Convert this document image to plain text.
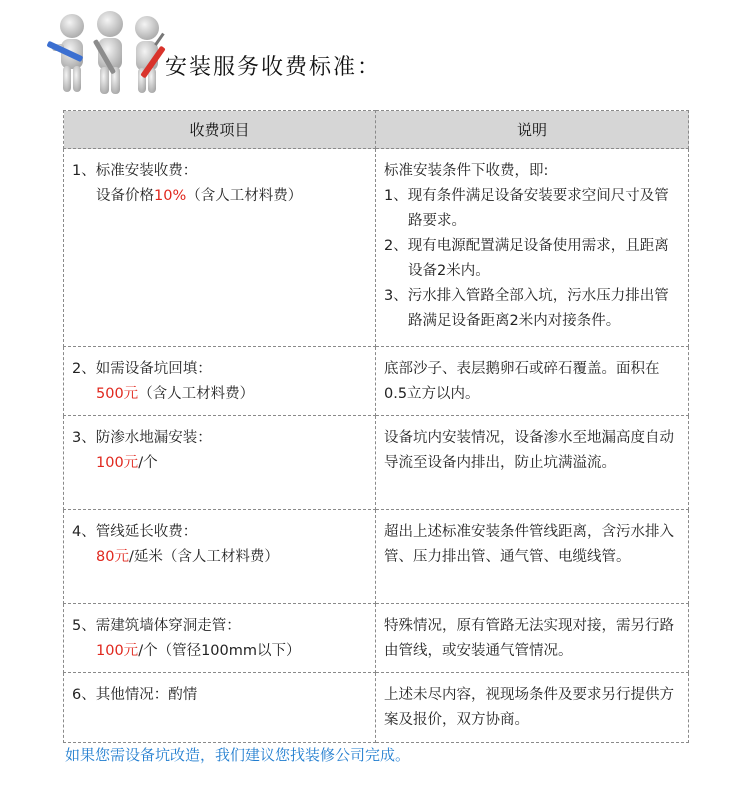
安装服务收费标准：
收费项目	说明

1、标准安装收费：
设备价格10%（含人工材料费）	标准安装条件下收费，即:
1、现有条件满足设备安装要求空间尺寸及管路要求。
2、现有电源配置满足设备使用需求，且距离设备2米内。
3、污水排入管路全部入坑，污水压力排出管路满足设备距离2米内对接条件。

2、如需设备坑回填：
500元（含人工材料费）	底部沙子、表层鹅卵石或碎石覆盖。面积在0.5立方以内。

3、防渗水地漏安装：
100元/个	设备坑内安装情况，设备渗水至地漏高度自动导流至设备内排出，防止坑满溢流。

4、管线延长收费：
80元/延米（含人工材料费）	超出上述标准安装条件管线距离，含污水排入管、压力排出管、通气管、电缆线管。

5、需建筑墙体穿洞走管：
100元/个（管径100mm以下）	特殊情况，原有管路无法实现对接，需另行路由管线，或安装通气管情况。

6、其他情况：酌情	上述未尽内容，视现场条件及要求另行提供方案及报价，双方协商。
如果您需设备坑改造，我们建议您找装修公司完成。
